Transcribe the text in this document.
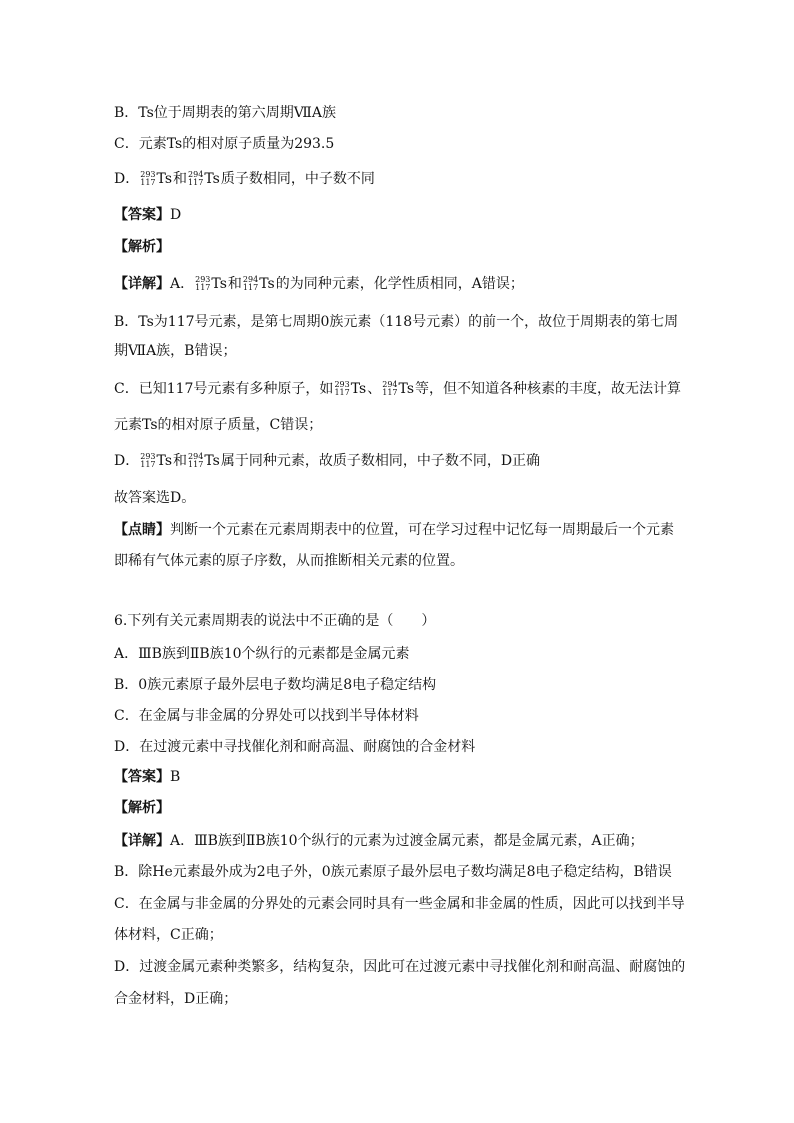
B．Ts位于周期表的第六周期ⅦA族
C．元素Ts的相对原子质量为293.5
D． 293
117 Ts和 294
117 Ts质子数相同，中子数不同
【答案】D
【解析】
【详解】A． 293
117 Ts和 294
117 Ts的为同种元素，化学性质相同，A错误；
B．Ts为117号元素，是第七周期0族元素（118号元素）的前一个，故位于周期表的第七周
期ⅦA族，B错误；
C．已知117号元素有多种原子，如 293
117 Ts、 294
117 Ts等，但不知道各种核素的丰度，故无法计算
元素Ts的相对原子质量，C错误；
D． 293
117 Ts和 294
117 Ts属于同种元素，故质子数相同，中子数不同，D正确
故答案选D。
【点睛】判断一个元素在元素周期表中的位置，可在学习过程中记忆每一周期最后一个元素
即稀有气体元素的原子序数，从而推断相关元素的位置。
6.下列有关元素周期表的说法中不正确的是（　　）
A．ⅢB族到ⅡB族10个纵行的元素都是金属元素
B．0族元素原子最外层电子数均满足8电子稳定结构
C．在金属与非金属的分界处可以找到半导体材料
D．在过渡元素中寻找催化剂和耐高温、耐腐蚀的合金材料
【答案】B
【解析】
【详解】A．ⅢB族到ⅡB族10个纵行的元素为过渡金属元素，都是金属元素，A正确；
B．除He元素最外成为2电子外，0族元素原子最外层电子数均满足8电子稳定结构，B错误
C．在金属与非金属的分界处的元素会同时具有一些金属和非金属的性质，因此可以找到半导
体材料，C正确；
D．过渡金属元素种类繁多，结构复杂，因此可在过渡元素中寻找催化剂和耐高温、耐腐蚀的
合金材料，D正确；
